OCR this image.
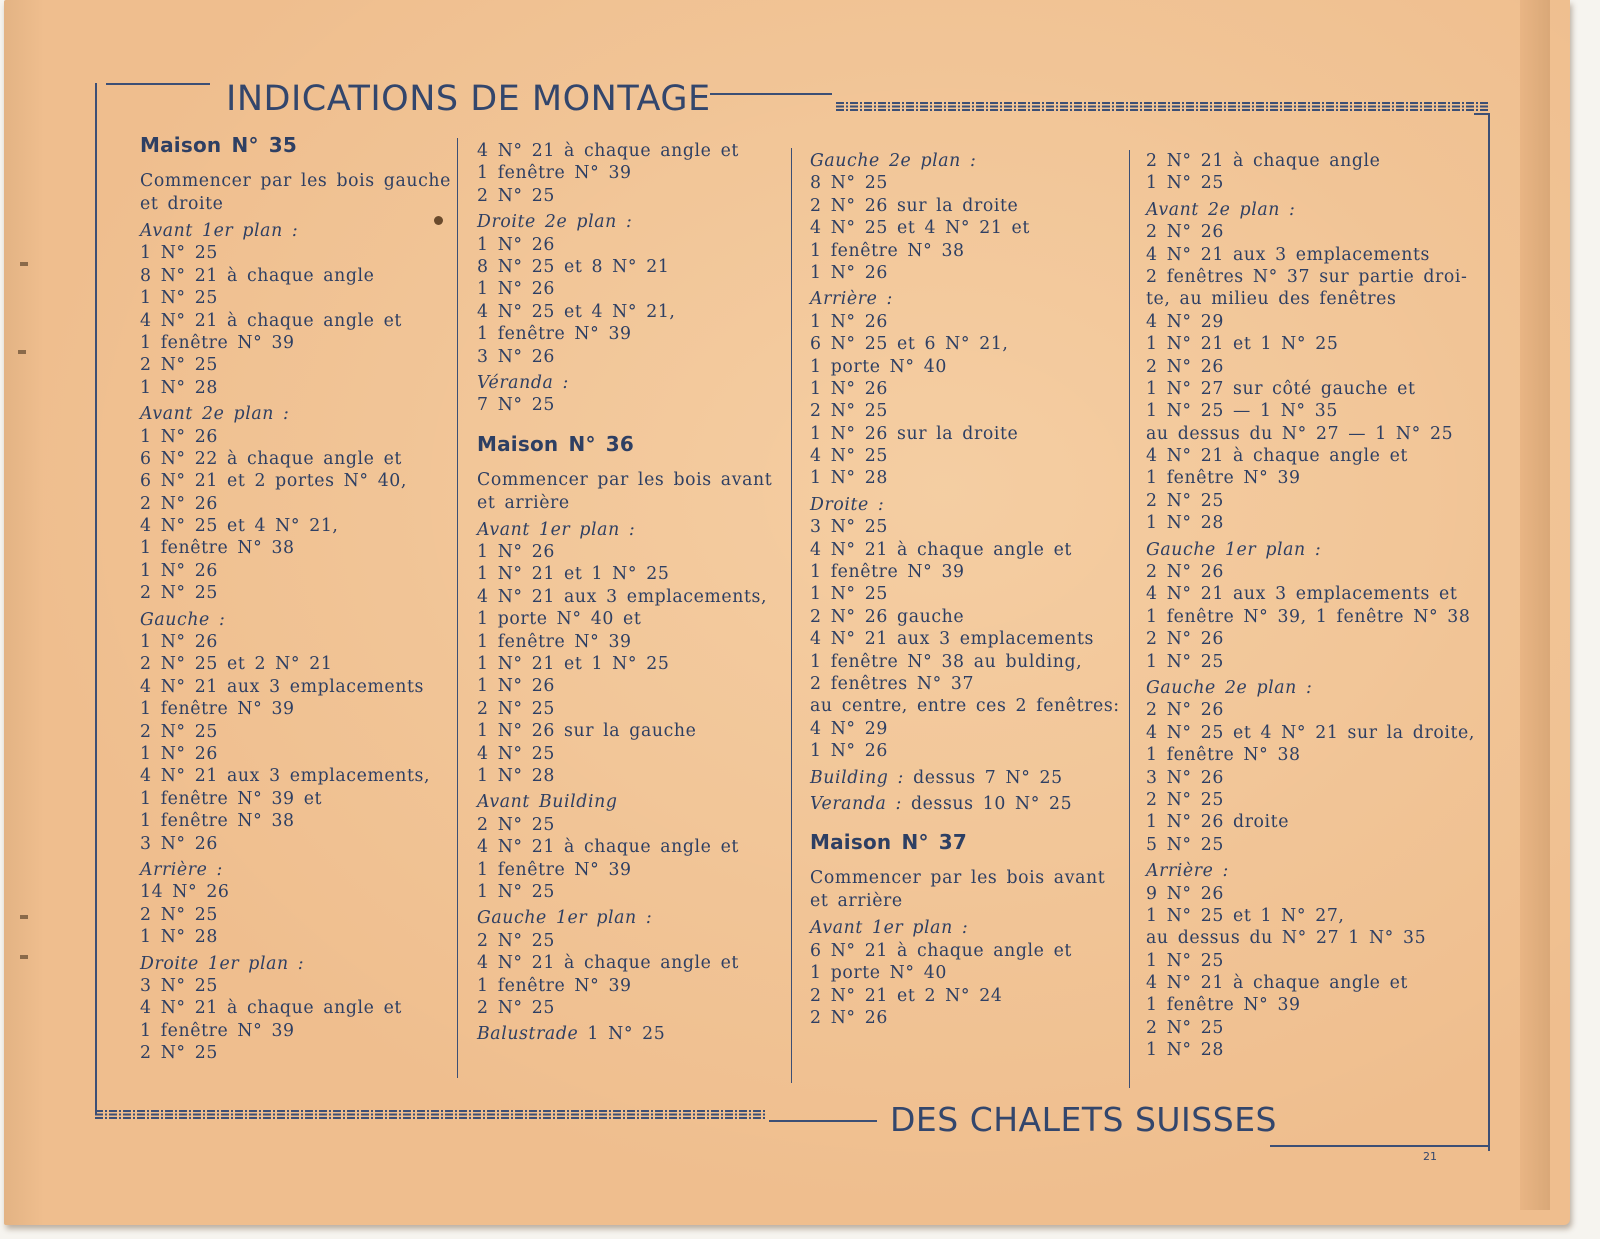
INDICATIONS DE MONTAGE
DES CHALETS SUISSES
21
Maison N° 35
Commencer par les bois gauche et droite
Avant 1er plan :
1 N° 25
8 N° 21 à chaque angle
1 N° 25
4 N° 21 à chaque angle et
1 fenêtre N° 39
2 N° 25
1 N° 28
Avant 2e plan :
1 N° 26
6 N° 22 à chaque angle et
6 N° 21 et 2 portes N° 40,
2 N° 26
4 N° 25 et 4 N° 21,
1 fenêtre N° 38
1 N° 26
2 N° 25
Gauche :
1 N° 26
2 N° 25 et 2 N° 21
4 N° 21 aux 3 emplacements
1 fenêtre N° 39
2 N° 25
1 N° 26
4 N° 21 aux 3 emplacements,
1 fenêtre N° 39 et
1 fenêtre N° 38
3 N° 26
Arrière :
14 N° 26
2 N° 25
1 N° 28
Droite 1er plan :
3 N° 25
4 N° 21 à chaque angle et
1 fenêtre N° 39
2 N° 25
4 N° 21 à chaque angle et
1 fenêtre N° 39
2 N° 25
Droite 2e plan :
1 N° 26
8 N° 25 et 8 N° 21
1 N° 26
4 N° 25 et 4 N° 21,
1 fenêtre N° 39
3 N° 26
Véranda :
7 N° 25
Maison N° 36
Commencer par les bois avant et arrière
Avant 1er plan :
1 N° 26
1 N° 21 et 1 N° 25
4 N° 21 aux 3 emplacements,
1 porte N° 40 et
1 fenêtre N° 39
1 N° 21 et 1 N° 25
1 N° 26
2 N° 25
1 N° 26 sur la gauche
4 N° 25
1 N° 28
Avant Building
2 N° 25
4 N° 21 à chaque angle et
1 fenêtre N° 39
1 N° 25
Gauche 1er plan :
2 N° 25
4 N° 21 à chaque angle et
1 fenêtre N° 39
2 N° 25
Balustrade 1 N° 25
Gauche 2e plan :
8 N° 25
2 N° 26 sur la droite
4 N° 25 et 4 N° 21 et
1 fenêtre N° 38
1 N° 26
Arrière :
1 N° 26
6 N° 25 et 6 N° 21,
1 porte N° 40
1 N° 26
2 N° 25
1 N° 26 sur la droite
4 N° 25
1 N° 28
Droite :
3 N° 25
4 N° 21 à chaque angle et
1 fenêtre N° 39
1 N° 25
2 N° 26 gauche
4 N° 21 aux 3 emplacements
1 fenêtre N° 38 au bulding,
2 fenêtres N° 37
au centre, entre ces 2 fenêtres:
4 N° 29
1 N° 26
Building : dessus 7 N° 25
Veranda : dessus 10 N° 25
Maison N° 37
Commencer par les bois avant et arrière
Avant 1er plan :
6 N° 21 à chaque angle et
1 porte N° 40
2 N° 21 et 2 N° 24
2 N° 26
2 N° 21 à chaque angle
1 N° 25
Avant 2e plan :
2 N° 26
4 N° 21 aux 3 emplacements
2 fenêtres N° 37 sur partie droi-
te, au milieu des fenêtres
4 N° 29
1 N° 21 et 1 N° 25
2 N° 26
1 N° 27 sur côté gauche et
1 N° 25 — 1 N° 35
au dessus du N° 27 — 1 N° 25
4 N° 21 à chaque angle et
1 fenêtre N° 39
2 N° 25
1 N° 28
Gauche 1er plan :
2 N° 26
4 N° 21 aux 3 emplacements et
1 fenêtre N° 39, 1 fenêtre N° 38
2 N° 26
1 N° 25
Gauche 2e plan :
2 N° 26
4 N° 25 et 4 N° 21 sur la droite,
1 fenêtre N° 38
3 N° 26
2 N° 25
1 N° 26 droite
5 N° 25
Arrière :
9 N° 26
1 N° 25 et 1 N° 27,
au dessus du N° 27 1 N° 35
1 N° 25
4 N° 21 à chaque angle et
1 fenêtre N° 39
2 N° 25
1 N° 28
